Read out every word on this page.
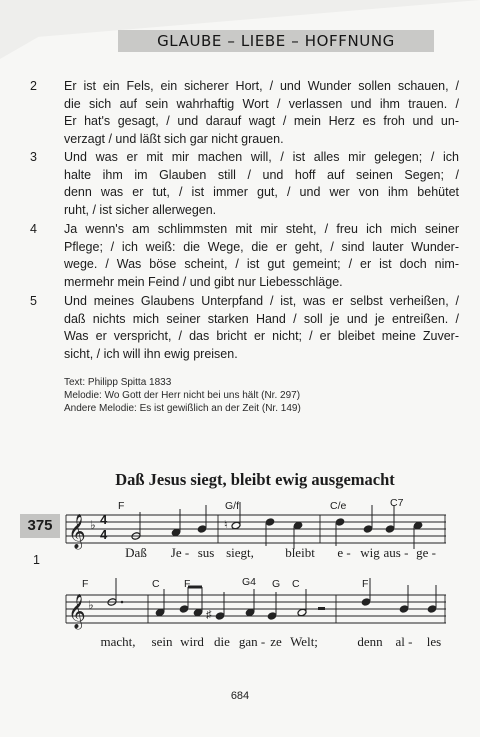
GLAUBE – LIEBE – HOFFNUNG
2	Er ist ein Fels, ein sicherer Hort, / und Wunder sollen schauen, /
die sich auf sein wahrhaftig Wort / verlassen und ihm trauen. /
Er hat's gesagt, / und darauf wagt / mein Herz es froh und un-
verzagt / und läßt sich gar nicht grauen.
3	Und was er mit mir machen will, / ist alles mir gelegen; / ich
halte ihm im Glauben still / und hoff auf seinen Segen; /
denn was er tut, / ist immer gut, / und wer von ihm behütet
ruht, / ist sicher allerwegen.
4	Ja wenn's am schlimmsten mit mir steht, / freu ich mich seiner
Pflege; / ich weiß: die Wege, die er geht, / sind lauter Wunder-
wege. / Was böse scheint, / ist gut gemeint; / er ist doch nim-
mermehr mein Feind / und gibt nur Liebesschläge.
5	Und meines Glaubens Unterpfand / ist, was er selbst verheißen, /
daß nichts mich seiner starken Hand / soll je und je entreißen. /
Was er verspricht, / das bricht er nicht; / er bleibet meine Zuver-
sicht, / ich will ihn ewig preisen.
Text: Philipp Spitta 1833
Melodie: Wo Gott der Herr nicht bei uns hält (Nr. 297)
Andere Melodie: Es ist gewißlich an der Zeit (Nr. 149)
Daß Jesus siegt, bleibt ewig ausgemacht
375
1
F	G/f	C/e	C7
F	C F	G4 G C	F
𝄞 ♭	♮
𝄞 ♭
♯
Daß Je - sus siegt, bleibt e - wig aus - ge -
macht, sein wird die gan - ze Welt;	denn al - les
4
4
684
